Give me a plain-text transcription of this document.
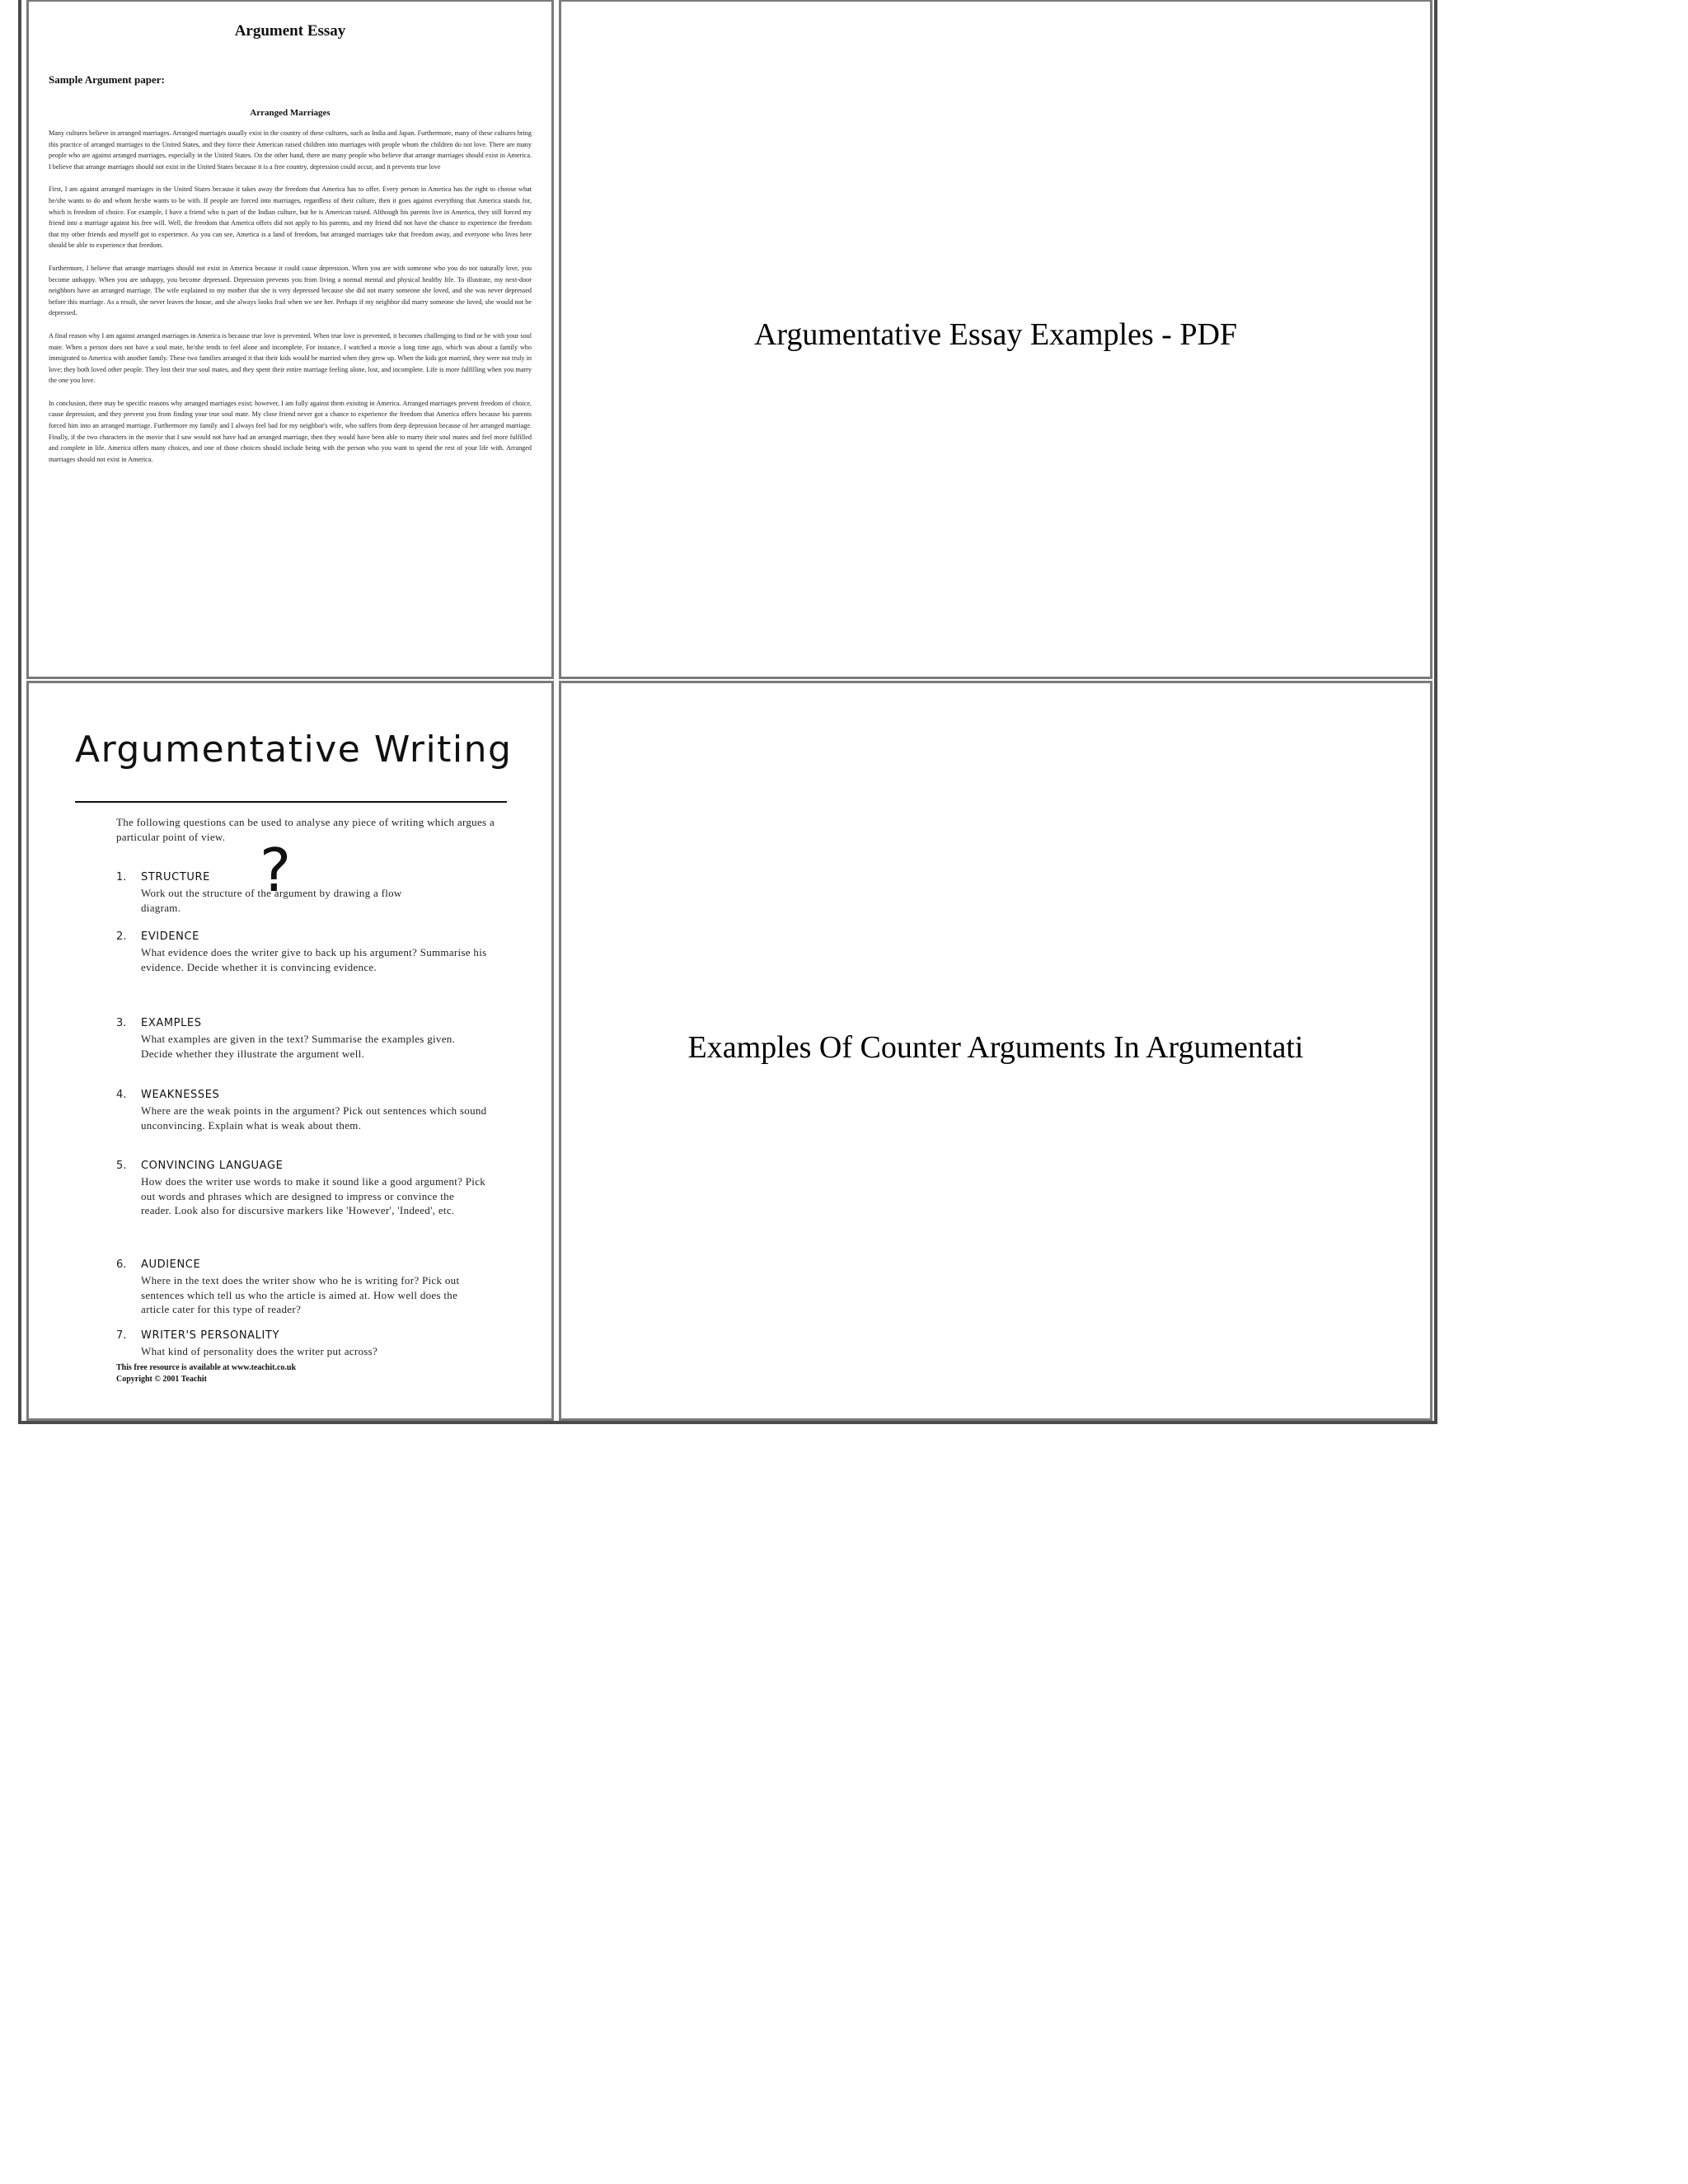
Argument Essay
Sample Argument paper:
Arranged Marriages

Many cultures believe in arranged marriages. Arranged marriages usually exist in the country of these cultures, such as India and Japan. Furthermore, many of these cultures bring this practice of arranged marriages to the United States, and they force their American raised children into marriages with people whom the children do not love. There are many people who are against arranged marriages, especially in the United States. On the other hand, there are many people who believe that arrange marriages should exist in America. I believe that arrange marriages should not exist in the United States because it is a free country, depression could occur, and it prevents true love

First, I am against arranged marriages in the United States because it takes away the freedom that America has to offer. Every person in America has the right to choose what he/she wants to do and whom he/she wants to be with. If people are forced into marriages, regardless of their culture, then it goes against everything that America stands for, which is freedom of choice. For example, I have a friend who is part of the Indian culture, but he is American raised. Although his parents live in America, they still forced my friend into a marriage against his free will. Well, the freedom that America offers did not apply to his parents, and my friend did not have the chance to experience the freedom that my other friends and myself got to experience. As you can see, America is a land of freedom, but arranged marriages take that freedom away, and everyone who lives here should be able to experience that freedom.

Furthermore, I believe that arrange marriages should not exist in America because it could cause depression. When you are with someone who you do not naturally love, you become unhappy. When you are unhappy, you become depressed. Depression prevents you from living a normal mental and physical healthy life. To illustrate, my next-door neighbors have an arranged marriage. The wife explained to my mother that she is very depressed because she did not marry someone she loved, and she was never depressed before this marriage. As a result, she never leaves the house, and she always looks frail when we see her. Perhaps if my neighbor did marry someone she loved, she would not be depressed.

A final reason why I am against arranged marriages in America is because true love is prevented. When true love is prevented, it becomes challenging to find or be with your soul mate. When a person does not have a soul mate, he/she tends to feel alone and incomplete. For instance, I watched a movie a long time ago, which was about a family who immigrated to America with another family. These two families arranged it that their kids would be married when they grew up. When the kids got married, they were not truly in love; they both loved other people. They lost their true soul mates, and they spent their entire marriage feeling alone, lost, and incomplete. Life is more fulfilling when you marry the one you love.

In conclusion, there may be specific reasons why arranged marriages exist; however, I am fully against them existing in America. Arranged marriages prevent freedom of choice, cause depression, and they prevent you from finding your true soul mate. My close friend never got a chance to experience the freedom that America offers because his parents forced him into an arranged marriage. Furthermore my family and I always feel bad for my neighbor's wife, who suffers from deep depression because of her arranged marriage. Finally, if the two characters in the movie that I saw would not have had an arranged marriage, then they would have been able to marry their soul mates and feel more fulfilled and complete in life. America offers many choices, and one of those choices should include being with the person who you want to spend the rest of your life with. Arranged marriages should not exist in America.

Argumentative Essay Examples - PDF
Argumentative Writing
The following questions can be used to analyse any piece of writing which argues a particular point of view. ?
1. STRUCTURE
Work out the structure of the argument by drawing a flow diagram.
2. EVIDENCE
What evidence does the writer give to back up his argument? Summarise his evidence. Decide whether it is convincing evidence.
3. EXAMPLES
What examples are given in the text? Summarise the examples given. Decide whether they illustrate the argument well.
4. WEAKNESSES
Where are the weak points in the argument? Pick out sentences which sound unconvincing. Explain what is weak about them.
5. CONVINCING LANGUAGE
How does the writer use words to make it sound like a good argument? Pick out words and phrases which are designed to impress or convince the reader. Look also for discursive markers like 'However', 'Indeed', etc.
6. AUDIENCE
Where in the text does the writer show who he is writing for? Pick out sentences which tell us who the article is aimed at. How well does the article cater for this type of reader?
7. WRITER'S PERSONALITY
What kind of personality does the writer put across?
This free resource is available at www.teachit.co.uk
Copyright © 2001 Teachit
Examples Of Counter Arguments In Argumentati
